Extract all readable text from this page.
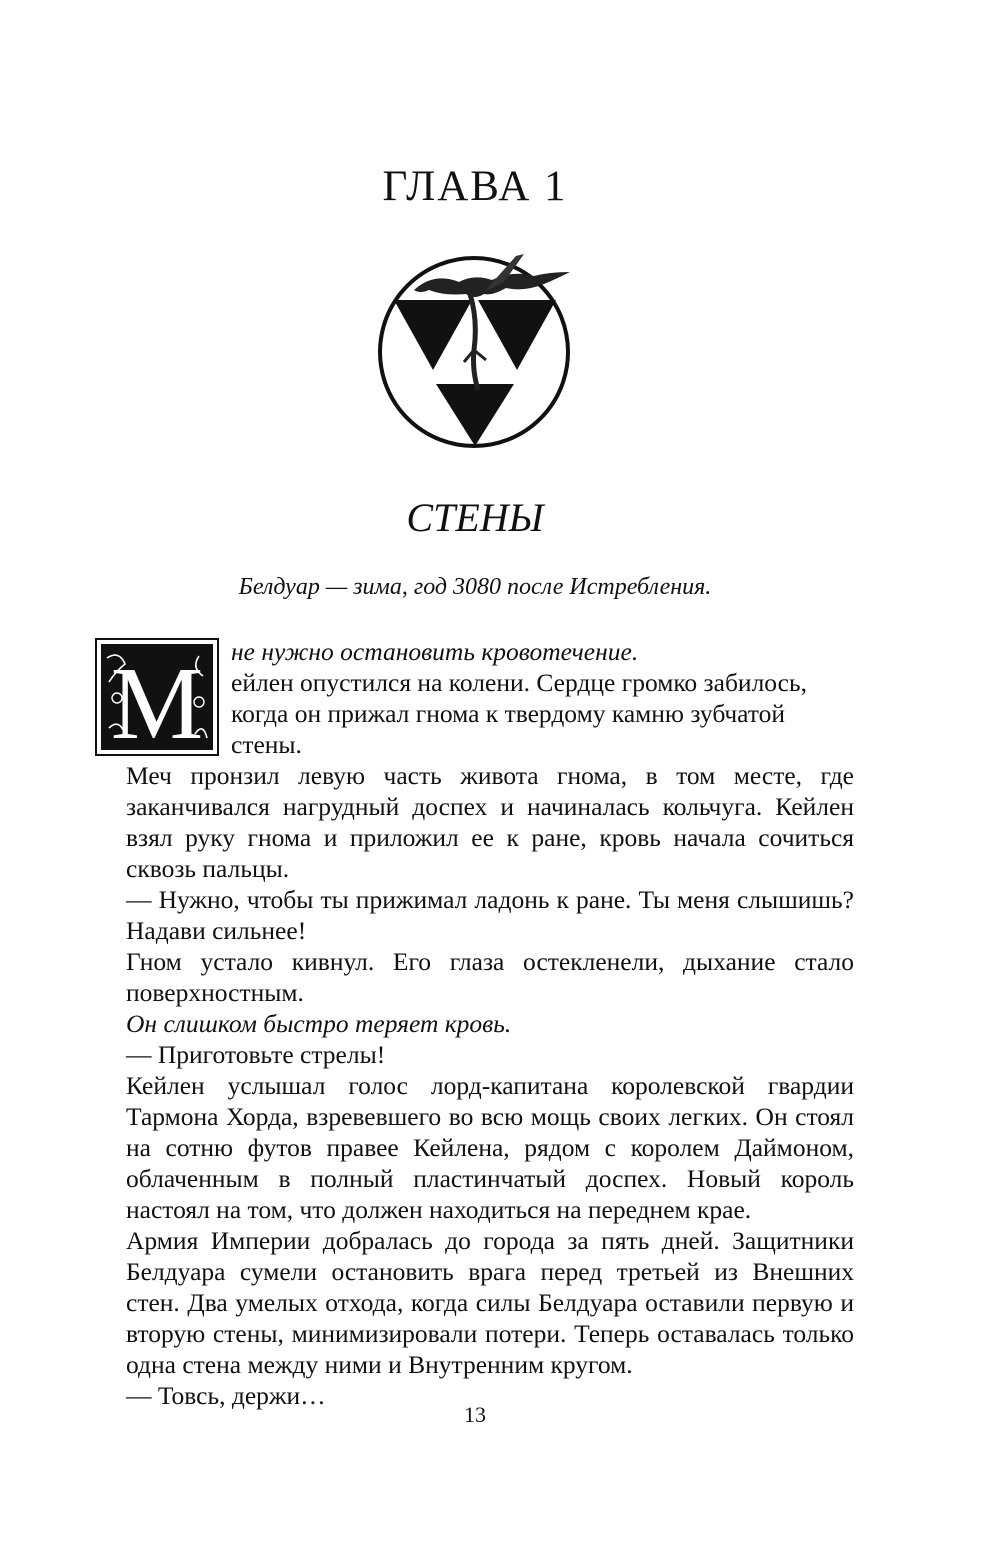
ГЛАВА 1
СТЕНЫ
Белдуар — зима, год 3080 после Истребления.
М не нужно остановить кровотечение.
ейлен опустился на колени. Сердце громко забилось,
когда он прижал гнома к твердому камню зубчатой
стены.

Меч пронзил левую часть живота гнома, в том месте, где заканчивался нагрудный доспех и начиналась кольчуга. Кейлен взял руку гнома и приложил ее к ране, кровь начала сочиться сквозь пальцы.

— Нужно, чтобы ты прижимал ладонь к ране. Ты меня слышишь? Надави сильнее!

Гном устало кивнул. Его глаза остекленели, дыхание стало поверхностным.

Он слишком быстро теряет кровь.

— Приготовьте стрелы!

Кейлен услышал голос лорд-капитана королевской гвардии Тармона Хорда, взревевшего во всю мощь своих легких. Он стоял на сотню футов правее Кейлена, рядом с королем Даймоном, облаченным в полный пластинчатый доспех. Новый король настоял на том, что должен находиться на переднем крае.

Армия Империи добралась до города за пять дней. Защитники Белдуара сумели остановить врага перед третьей из Внешних стен. Два умелых отхода, когда силы Белдуара оставили первую и вторую стены, минимизировали потери. Теперь оставалась только одна стена между ними и Внутренним кругом.

— Товсь, держи…

13
